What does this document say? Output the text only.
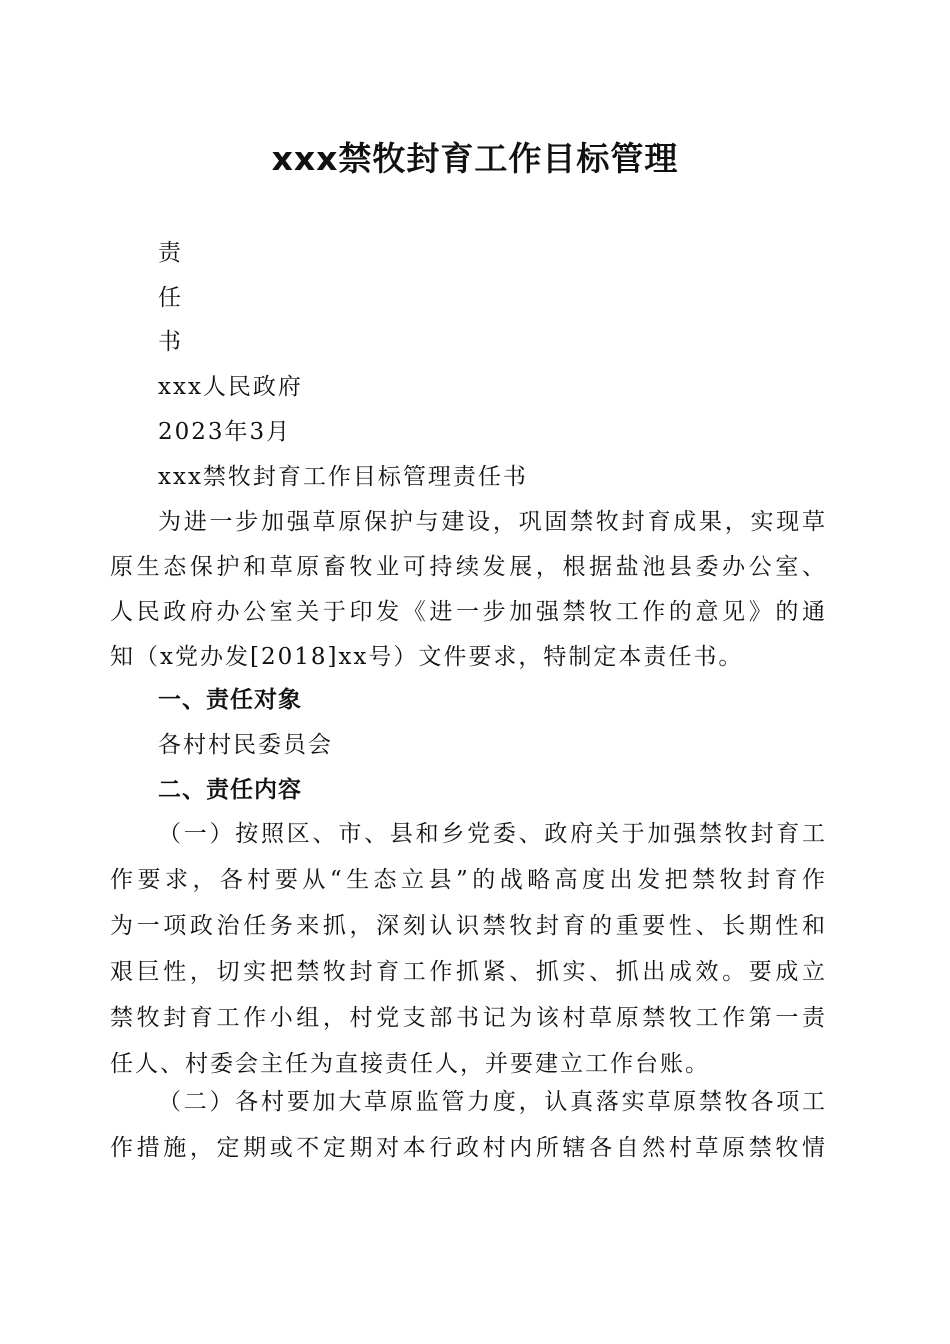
xxx禁牧封育工作目标管理
责
任
书
xxx人民政府
2023年3月
xxx禁牧封育工作目标管理责任书
为进一步加强草原保护与建设，巩固禁牧封育成果，实现草
原生态保护和草原畜牧业可持续发展，根据盐池县委办公室、
人民政府办公室关于印发《进一步加强禁牧工作的意见》的通
知（x党办发[2018]xx号）文件要求，特制定本责任书。
一、责任对象
各村村民委员会
二、责任内容
（一）按照区、市、县和乡党委、政府关于加强禁牧封育工
作要求，各村要从“生态立县”的战略高度出发把禁牧封育作
为一项政治任务来抓，深刻认识禁牧封育的重要性、长期性和
艰巨性，切实把禁牧封育工作抓紧、抓实、抓出成效。要成立
禁牧封育工作小组，村党支部书记为该村草原禁牧工作第一责
任人、村委会主任为直接责任人，并要建立工作台账。
（二）各村要加大草原监管力度，认真落实草原禁牧各项工
作措施，定期或不定期对本行政村内所辖各自然村草原禁牧情
